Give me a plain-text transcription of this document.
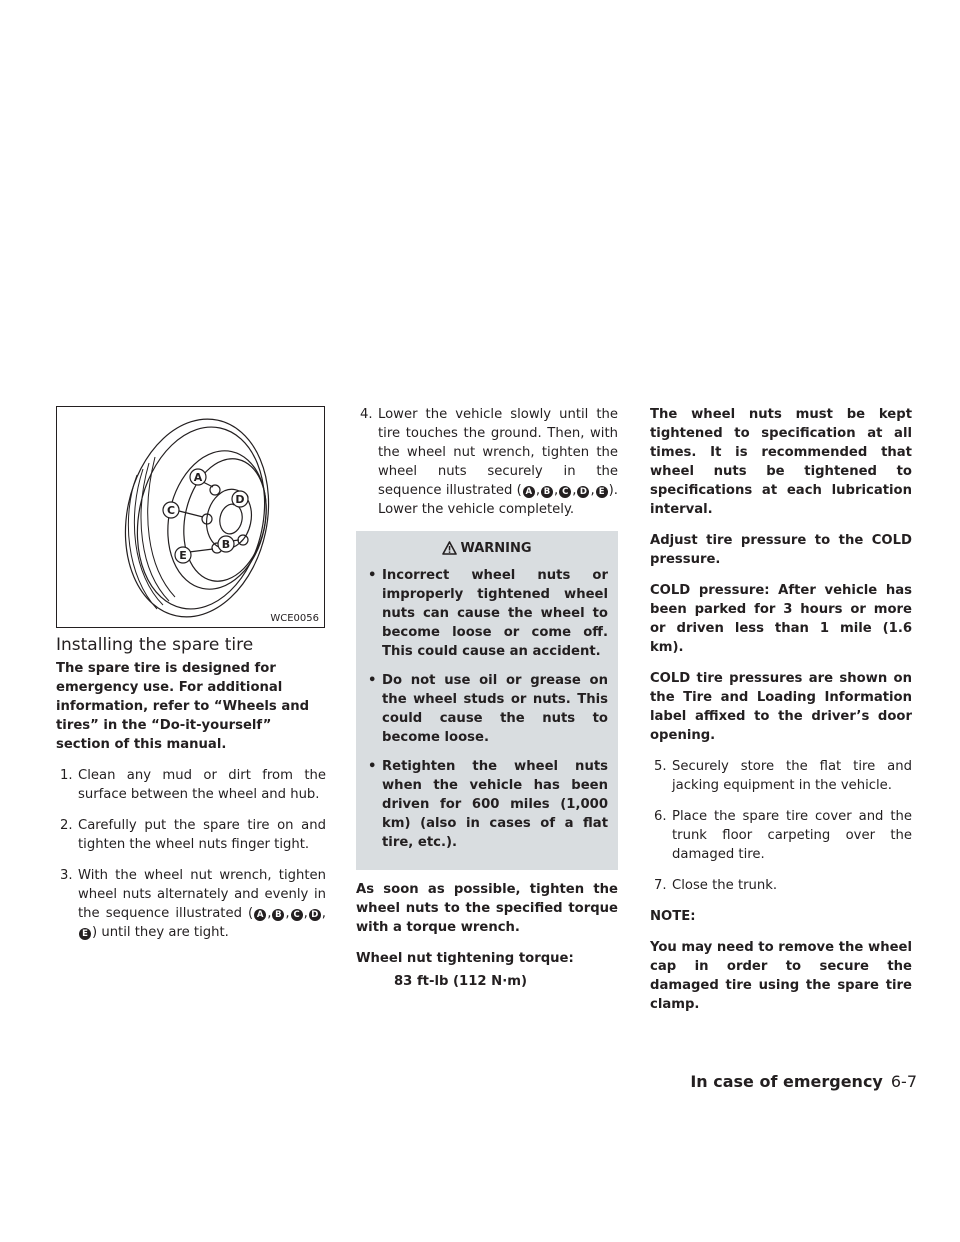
A
D
C
B
E
WCE0056
Installing the spare tire

The spare tire is designed for emergency use. For additional information, refer to “Wheels and tires” in the “Do-it-yourself” section of this manual.

1. Clean any mud or dirt from the surface between the wheel and hub.
2. Carefully put the spare tire on and tighten the wheel nuts finger tight.
3. With the wheel nut wrench, tighten wheel nuts alternately and evenly in the sequence illustrated ( A , B , C , D ,E ) until they are tight.
4. Lower the vehicle slowly until the tire touches the ground. Then, with the wheel nut wrench, tighten the wheel nuts securely in the sequence illustrated ( A , B , C , D , E ). Lower the vehicle completely.
WARNING
• Incorrect wheel nuts or improperly tightened wheel nuts can cause the wheel to become loose or come off. This could cause an accident.
• Do not use oil or grease on the wheel studs or nuts. This could cause the nuts to become loose.
• Retighten the wheel nuts when the vehicle has been driven for 600 miles (1,000 km) (also in cases of a flat tire, etc.).

As soon as possible, tighten the wheel nuts to the specified torque with a torque wrench.

Wheel nut tightening torque:

83 ft-lb (112 N·m)

The wheel nuts must be kept tightened to specification at all times. It is recommended that wheel nuts be tightened to specifications at each lubrication interval.

Adjust tire pressure to the COLD pressure.

COLD pressure: After vehicle has been parked for 3 hours or more or driven less than 1 mile (1.6 km).

COLD tire pressures are shown on the Tire and Loading Information label affixed to the driver’s door opening.

5. Securely store the flat tire and jacking equipment in the vehicle.
6. Place the spare tire cover and the trunk floor carpeting over the damaged tire.
7. Close the trunk.

NOTE:

You may need to remove the wheel cap in order to secure the damaged tire using the spare tire clamp.

In case of emergency 6-7
